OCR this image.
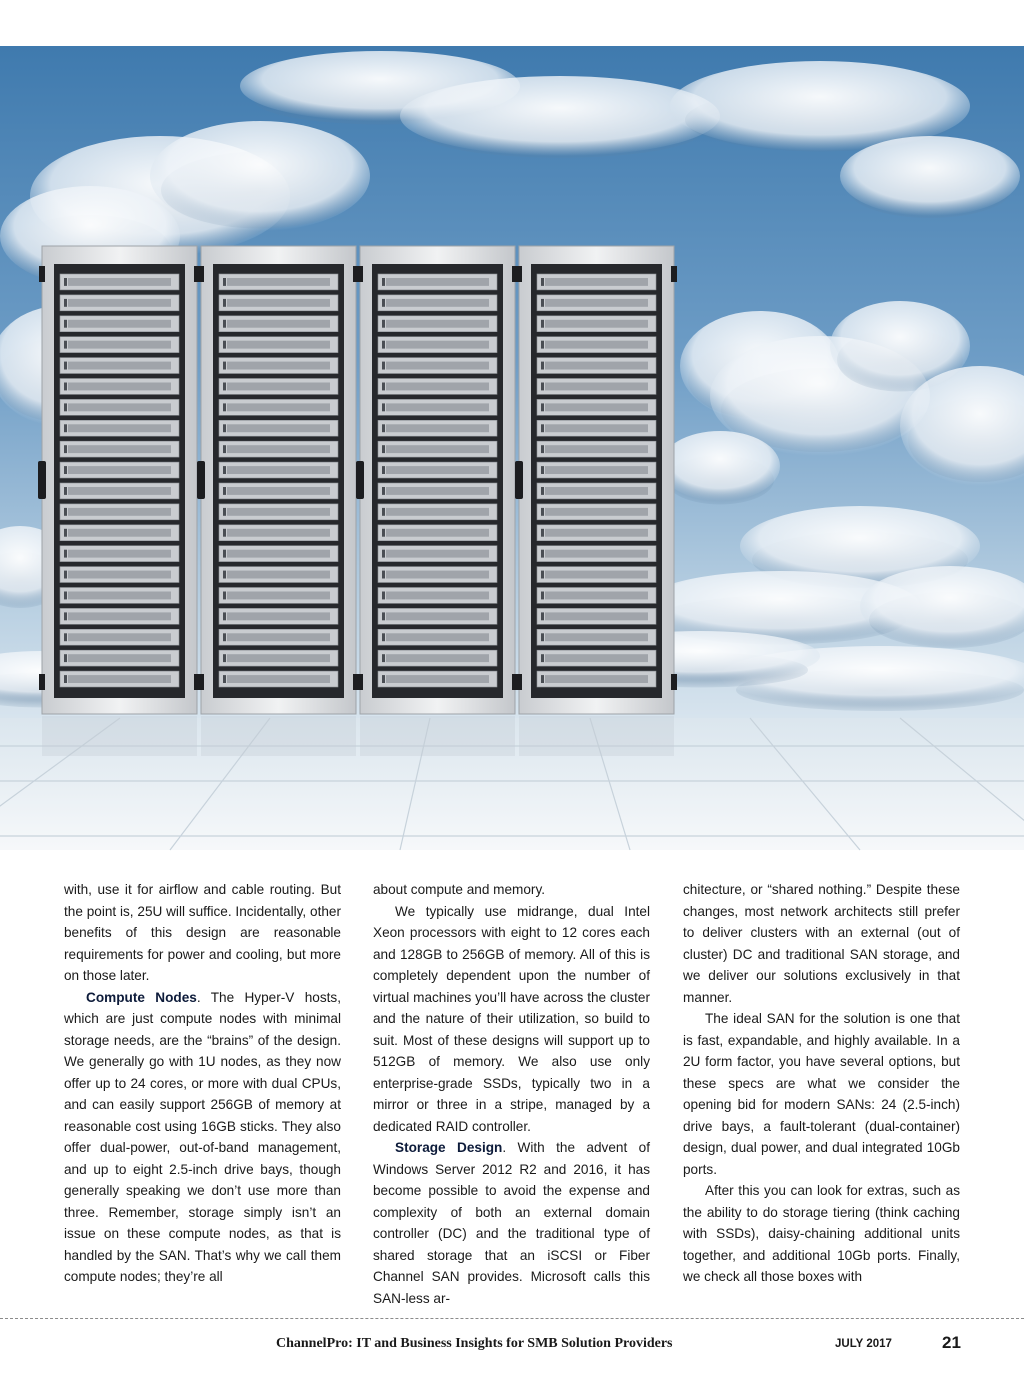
with, use it for airflow and cable routing. But the point is, 25U will suffice. Incidentally, other benefits of this design are reasonable requirements for power and cooling, but more on those later.

Compute Nodes. The Hyper-V hosts, which are just compute nodes with minimal storage needs, are the “brains” of the design. We generally go with 1U nodes, as they now offer up to 24 cores, or more with dual CPUs, and can easily support 256GB of memory at reasonable cost using 16GB sticks. They also offer dual-power, out-of-band management, and up to eight 2.5-inch drive bays, though generally speaking we don’t use more than three. Remember, storage simply isn’t an issue on these compute nodes, as that is handled by the SAN. That’s why we call them compute nodes; they’re all

about compute and memory.

We typically use midrange, dual Intel Xeon processors with eight to 12 cores each and 128GB to 256GB of memory. All of this is completely dependent upon the number of virtual machines you’ll have across the cluster and the nature of their utilization, so build to suit. Most of these designs will support up to 512GB of memory. We also use only enterprise-grade SSDs, typically two in a mirror or three in a stripe, managed by a dedicated RAID controller.

Storage Design. With the advent of Windows Server 2012 R2 and 2016, it has become possible to avoid the expense and complexity of both an external domain controller (DC) and the traditional type of shared storage that an iSCSI or Fiber Channel SAN provides. Microsoft calls this SAN-less ar-

chitecture, or “shared nothing.” Despite these changes, most network architects still prefer to deliver clusters with an external (out of cluster) DC and traditional SAN storage, and we deliver our solutions exclusively in that manner.

The ideal SAN for the solution is one that is fast, expandable, and highly available. In a 2U form factor, you have several options, but these specs are what we consider the opening bid for modern SANs: 24 (2.5-inch) drive bays, a fault-tolerant (dual-container) design, dual power, and dual integrated 10Gb ports.

After this you can look for extras, such as the ability to do storage tiering (think caching with SSDs), daisy-chaining additional units together, and additional 10Gb ports. Finally, we check all those boxes with

ChannelPro: IT and Business Insights for SMB Solution Providers	JULY 2017	21
